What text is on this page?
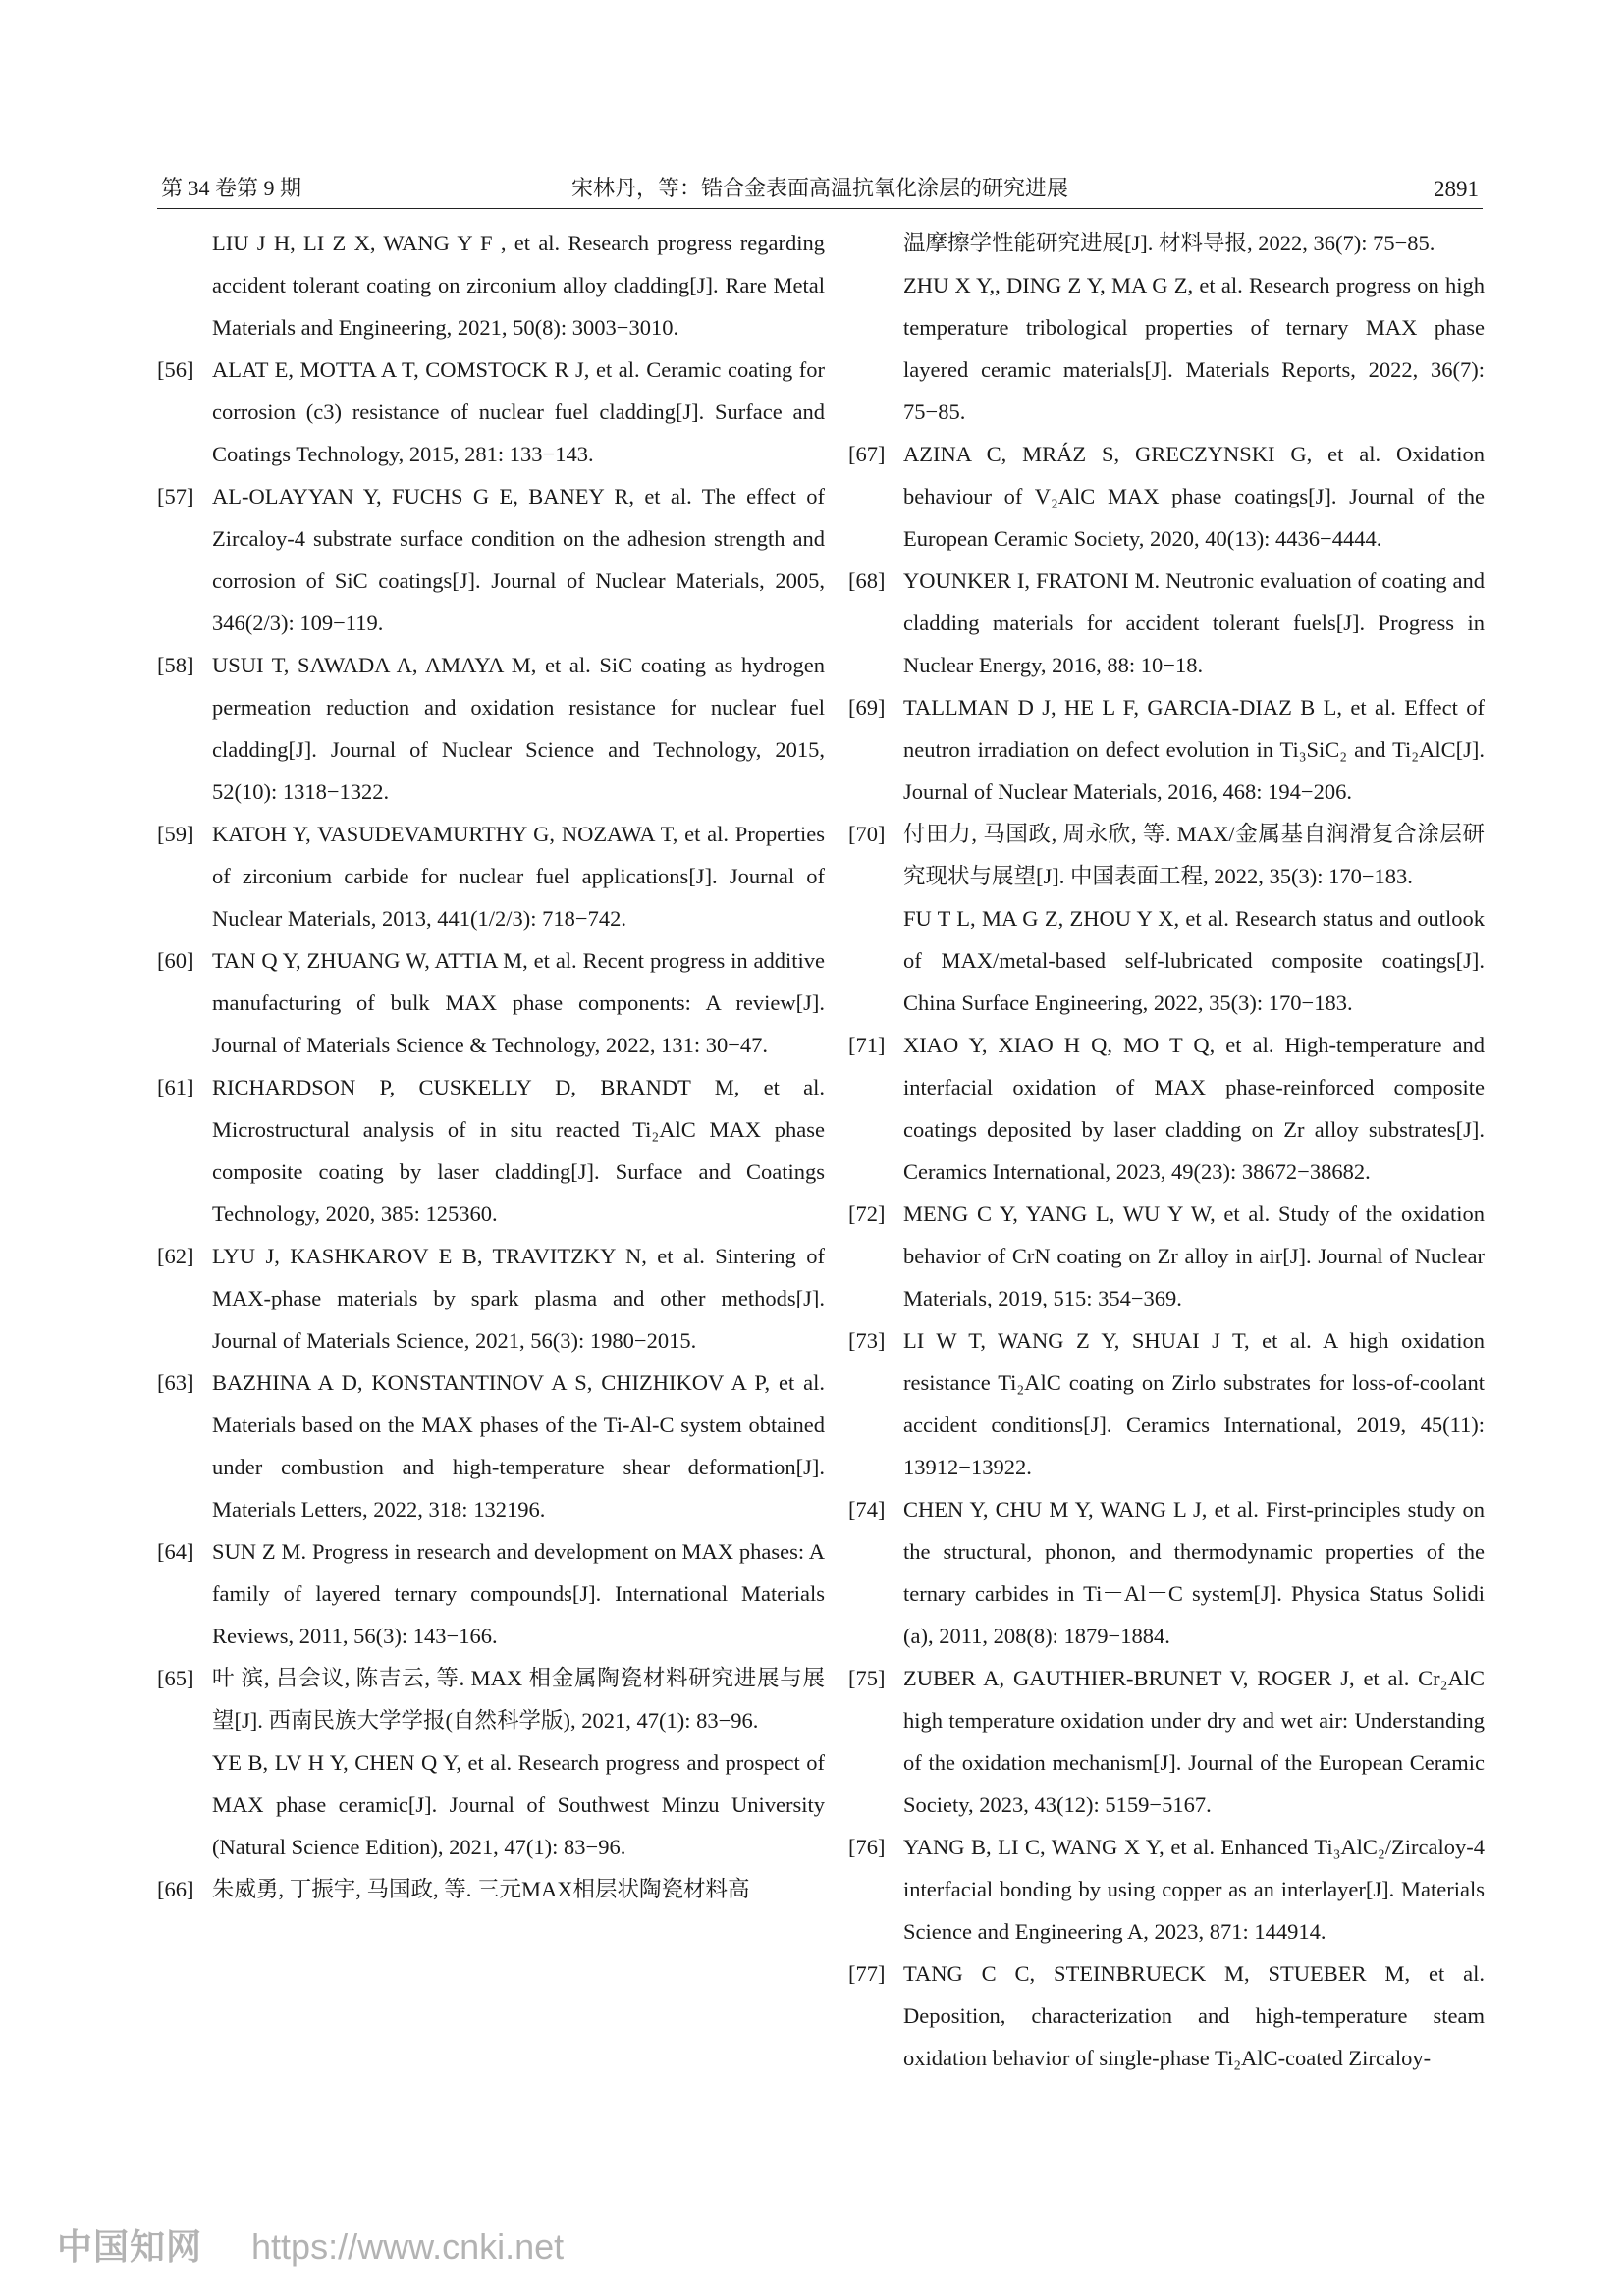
第 34 卷第 9 期	宋林丹，等：锆合金表面高温抗氧化涂层的研究进展	2891

LIU J H, LI Z X, WANG Y F , et al. Research progress regarding accident tolerant coating on zirconium alloy cladding[J]. Rare Metal Materials and Engineering, 2021, 50(8): 3003−3010.

[56] ALAT E, MOTTA A T, COMSTOCK R J, et al. Ceramic coating for corrosion (c3) resistance of nuclear fuel cladding[J]. Surface and Coatings Technology, 2015, 281: 133−143.

[57] AL-OLAYYAN Y, FUCHS G E, BANEY R, et al. The effect of Zircaloy-4 substrate surface condition on the adhesion strength and corrosion of SiC coatings[J]. Journal of Nuclear Materials, 2005, 346(2/3): 109−119.

[58] USUI T, SAWADA A, AMAYA M, et al. SiC coating as hydrogen permeation reduction and oxidation resistance for nuclear fuel cladding[J]. Journal of Nuclear Science and Technology, 2015, 52(10): 1318−1322.

[59] KATOH Y, VASUDEVAMURTHY G, NOZAWA T, et al. Properties of zirconium carbide for nuclear fuel applications[J]. Journal of Nuclear Materials, 2013, 441(1/2/3): 718−742.

[60] TAN Q Y, ZHUANG W, ATTIA M, et al. Recent progress in additive manufacturing of bulk MAX phase components: A review[J]. Journal of Materials Science & Technology, 2022, 131: 30−47.

[61] RICHARDSON P, CUSKELLY D, BRANDT M, et al. Microstructural analysis of in situ reacted Ti₂AlC MAX phase composite coating by laser cladding[J]. Surface and Coatings Technology, 2020, 385: 125360.

[62] LYU J, KASHKAROV E B, TRAVITZKY N, et al. Sintering of MAX-phase materials by spark plasma and other methods[J]. Journal of Materials Science, 2021, 56(3): 1980−2015.

[63] BAZHINA A D, KONSTANTINOV A S, CHIZHIKOV A P, et al. Materials based on the MAX phases of the Ti-Al-C system obtained under combustion and high-temperature shear deformation[J]. Materials Letters, 2022, 318: 132196.

[64] SUN Z M. Progress in research and development on MAX phases: A family of layered ternary compounds[J]. International Materials Reviews, 2011, 56(3): 143−166.

[65] 叶 滨, 吕会议, 陈吉云, 等. MAX 相金属陶瓷材料研究进展与展望[J]. 西南民族大学学报(自然科学版), 2021, 47(1): 83−96.

YE B, LV H Y, CHEN Q Y, et al. Research progress and prospect of MAX phase ceramic[J]. Journal of Southwest Minzu University (Natural Science Edition), 2021, 47(1): 83−96.

[66] 朱威勇, 丁振宇, 马国政, 等. 三元MAX相层状陶瓷材料高

温摩擦学性能研究进展[J]. 材料导报, 2022, 36(7): 75−85.

ZHU X Y,, DING Z Y, MA G Z, et al. Research progress on high temperature tribological properties of ternary MAX phase layered ceramic materials[J]. Materials Reports, 2022, 36(7): 75−85.

[67] AZINA C, MRÁZ S, GRECZYNSKI G, et al. Oxidation behaviour of V₂AlC MAX phase coatings[J]. Journal of the European Ceramic Society, 2020, 40(13): 4436−4444.

[68] YOUNKER I, FRATONI M. Neutronic evaluation of coating and cladding materials for accident tolerant fuels[J]. Progress in Nuclear Energy, 2016, 88: 10−18.

[69] TALLMAN D J, HE L F, GARCIA-DIAZ B L, et al. Effect of neutron irradiation on defect evolution in Ti₃SiC₂ and Ti₂AlC[J]. Journal of Nuclear Materials, 2016, 468: 194−206.

[70] 付田力, 马国政, 周永欣, 等. MAX/金属基自润滑复合涂层研究现状与展望[J]. 中国表面工程, 2022, 35(3): 170−183.

FU T L, MA G Z, ZHOU Y X, et al. Research status and outlook of MAX/metal-based self-lubricated composite coatings[J]. China Surface Engineering, 2022, 35(3): 170−183.

[71] XIAO Y, XIAO H Q, MO T Q, et al. High-temperature and interfacial oxidation of MAX phase-reinforced composite coatings deposited by laser cladding on Zr alloy substrates[J]. Ceramics International, 2023, 49(23): 38672−38682.

[72] MENG C Y, YANG L, WU Y W, et al. Study of the oxidation behavior of CrN coating on Zr alloy in air[J]. Journal of Nuclear Materials, 2019, 515: 354−369.

[73] LI W T, WANG Z Y, SHUAI J T, et al. A high oxidation resistance Ti₂AlC coating on Zirlo substrates for loss-of-coolant accident conditions[J]. Ceramics International, 2019, 45(11): 13912−13922.

[74] CHEN Y, CHU M Y, WANG L J, et al. First-principles study on the structural, phonon, and thermodynamic properties of the ternary carbides in Ti－Al－C system[J]. Physica Status Solidi (a), 2011, 208(8): 1879−1884.

[75] ZUBER A, GAUTHIER-BRUNET V, ROGER J, et al. Cr₂AlC high temperature oxidation under dry and wet air: Understanding of the oxidation mechanism[J]. Journal of the European Ceramic Society, 2023, 43(12): 5159−5167.

[76] YANG B, LI C, WANG X Y, et al. Enhanced Ti₃AlC₂/Zircaloy-4 interfacial bonding by using copper as an interlayer[J]. Materials Science and Engineering A, 2023, 871: 144914.

[77] TANG C C, STEINBRUECK M, STUEBER M, et al. Deposition, characterization and high-temperature steam oxidation behavior of single-phase Ti₂AlC-coated Zircaloy-

中国知网 https://www.cnki.net
